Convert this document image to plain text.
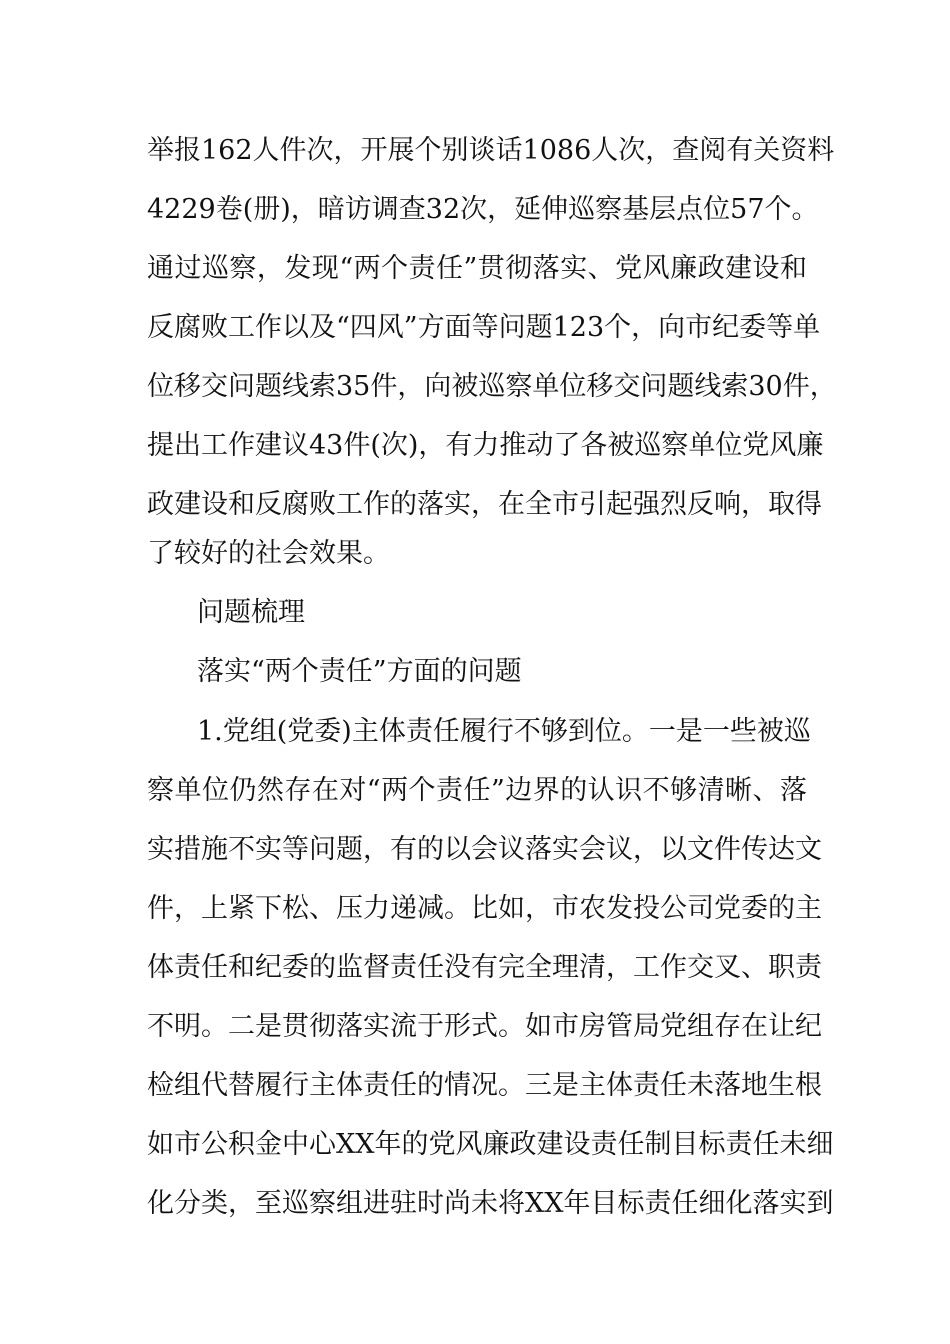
举报162人件次，开展个别谈话1086人次，查阅有关资料
4229卷(册)，暗访调查32次，延伸巡察基层点位57个。
通过巡察，发现“两个责任”贯彻落实、党风廉政建设和
反腐败工作以及“四风”方面等问题123个，向市纪委等单
位移交问题线索35件，向被巡察单位移交问题线索30件，
提出工作建议43件(次)，有力推动了各被巡察单位党风廉
政建设和反腐败工作的落实，在全市引起强烈反响，取得
了较好的社会效果。
问题梳理
落实“两个责任”方面的问题
1.党组(党委)主体责任履行不够到位。一是一些被巡
察单位仍然存在对“两个责任”边界的认识不够清晰、落
实措施不实等问题，有的以会议落实会议，以文件传达文
件，上紧下松、压力递减。比如，市农发投公司党委的主
体责任和纪委的监督责任没有完全理清，工作交叉、职责
不明。二是贯彻落实流于形式。如市房管局党组存在让纪
检组代替履行主体责任的情况。三是主体责任未落地生根
如市公积金中心XX年的党风廉政建设责任制目标责任未细
化分类，至巡察组进驻时尚未将XX年目标责任细化落实到
